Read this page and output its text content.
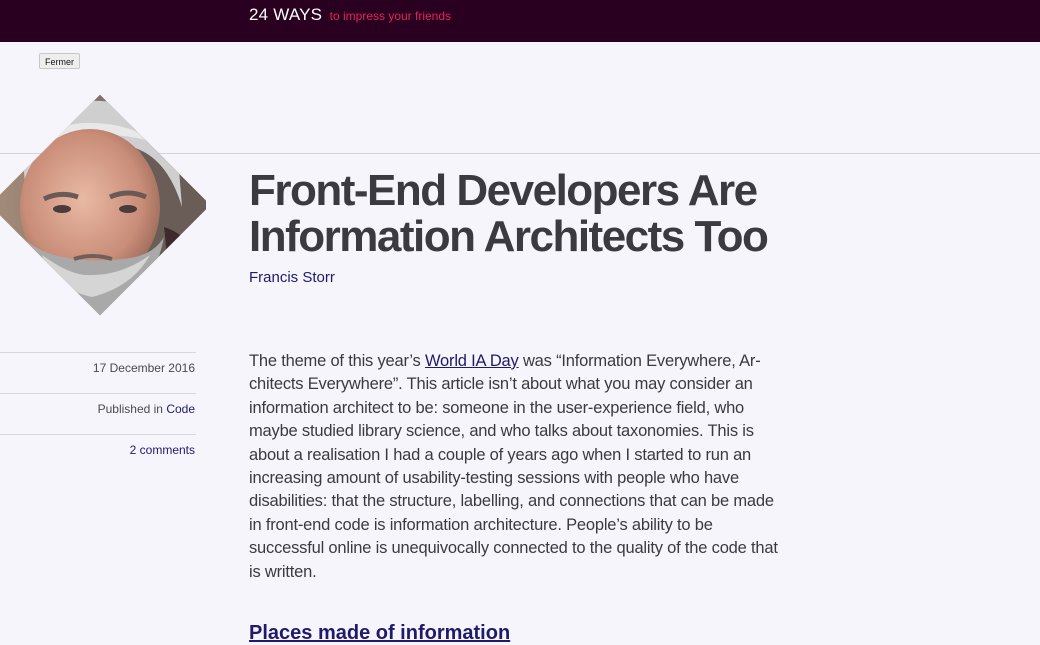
24 WAYS to impress your friends
Fermer
Front-End Developers Are
Information Architects Too
Francis Storr
17 December 2016
Published in Code
2 comments

The theme of this year’s World IA Day was “Information Everywhere, Architects Everywhere”. This article isn’t about what you may consider an information architect to be: someone in the user-experience field, who maybe studied library science, and who talks about taxonomies. This is about a realisation I had a couple of years ago when I started to run an increasing amount of usability-testing sessions with people who have disabilities: that the structure, labelling, and connections that can be made in front-end code is information architecture. People’s ability to be successful online is unequivocally connected to the quality of the code that is written.

Places made of information
